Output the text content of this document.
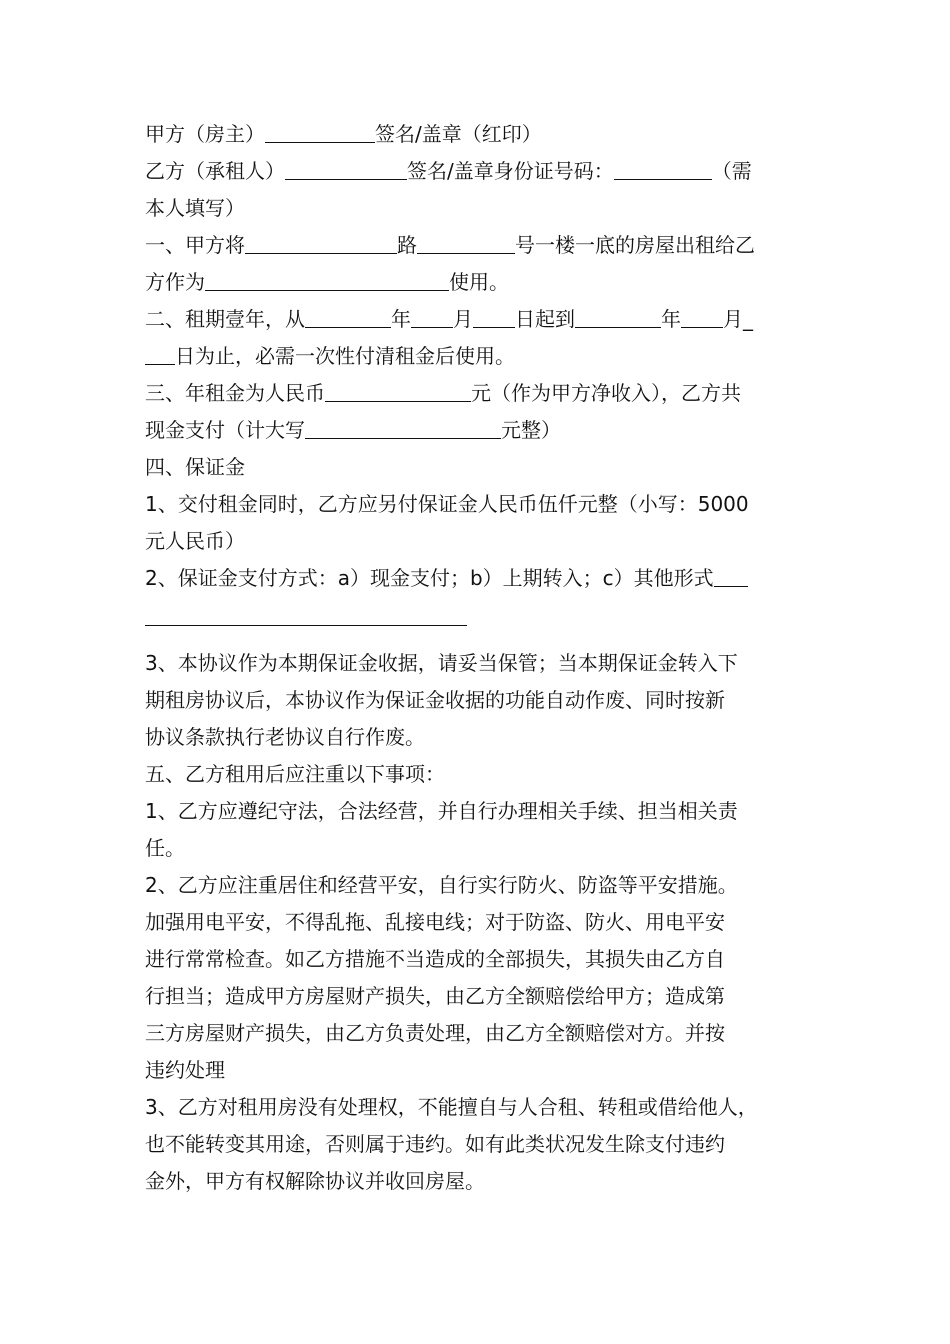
甲方（房主）	签名/盖章（红印）
乙方（承租人）	签名/盖章身份证号码：	（需
本人填写）
一、甲方将	路	号一楼一底的房屋出租给乙
方作为	使用。
二、租期壹年，从	年 月 日起到	年 月_
日为止，必需一次性付清租金后使用。
三、年租金为人民币	元（作为甲方净收入），乙方共
现金支付（计大写	元整）
四、保证金
1、交付租金同时，乙方应另付保证金人民币伍仟元整（小写：5000
元人民币）
2、保证金支付方式：a）现金支付；b）上期转入；c）其他形式
3、本协议作为本期保证金收据，请妥当保管；当本期保证金转入下
期租房协议后，本协议作为保证金收据的功能自动作废、同时按新
协议条款执行老协议自行作废。
五、乙方租用后应注重以下事项：
1、乙方应遵纪守法，合法经营，并自行办理相关手续、担当相关责
任。
2、乙方应注重居住和经营平安，自行实行防火、防盗等平安措施。
加强用电平安，不得乱拖、乱接电线；对于防盗、防火、用电平安
进行常常检查。如乙方措施不当造成的全部损失，其损失由乙方自
行担当；造成甲方房屋财产损失，由乙方全额赔偿给甲方；造成第
三方房屋财产损失，由乙方负责处理，由乙方全额赔偿对方。并按
违约处理
3、乙方对租用房没有处理权，不能擅自与人合租、转租或借给他人，
也不能转变其用途，否则属于违约。如有此类状况发生除支付违约
金外，甲方有权解除协议并收回房屋。
